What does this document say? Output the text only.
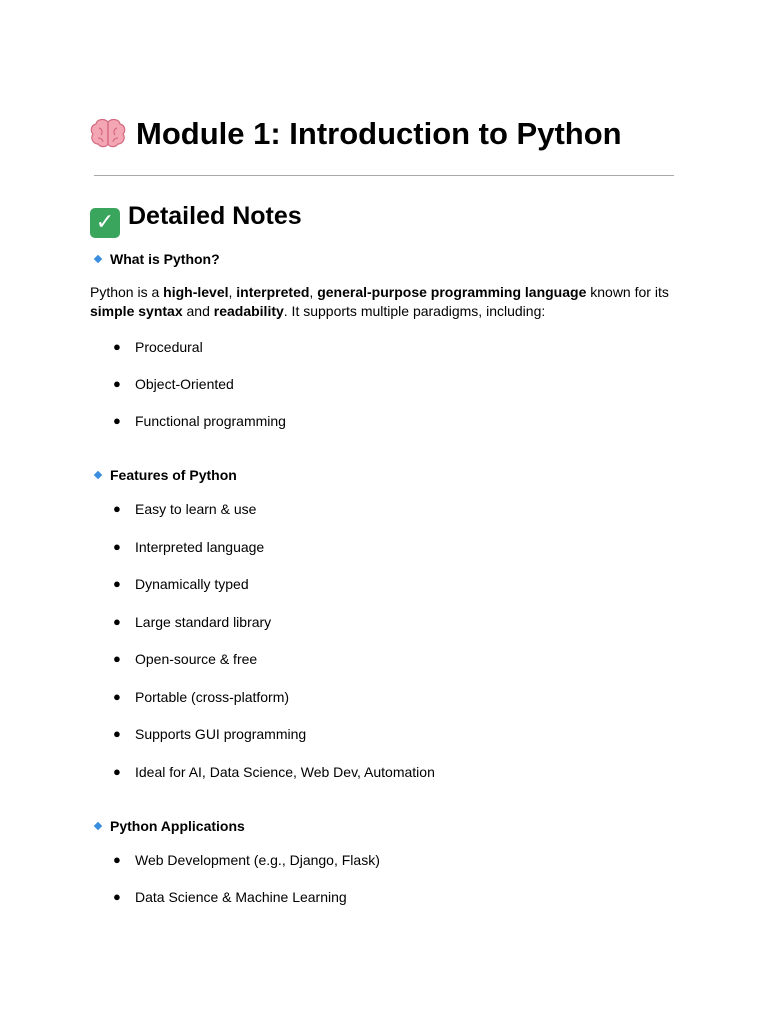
Module 1: Introduction to Python
✓ Detailed Notes
What is Python?

Python is a high-level, interpreted, general-purpose programming language known for its simple syntax and readability. It supports multiple paradigms, including:

● Procedural
● Object-Oriented
● Functional programming
Features of Python
● Easy to learn & use
● Interpreted language
● Dynamically typed
● Large standard library
● Open-source & free
● Portable (cross-platform)
● Supports GUI programming
● Ideal for AI, Data Science, Web Dev, Automation
Python Applications
● Web Development (e.g., Django, Flask)
● Data Science & Machine Learning
